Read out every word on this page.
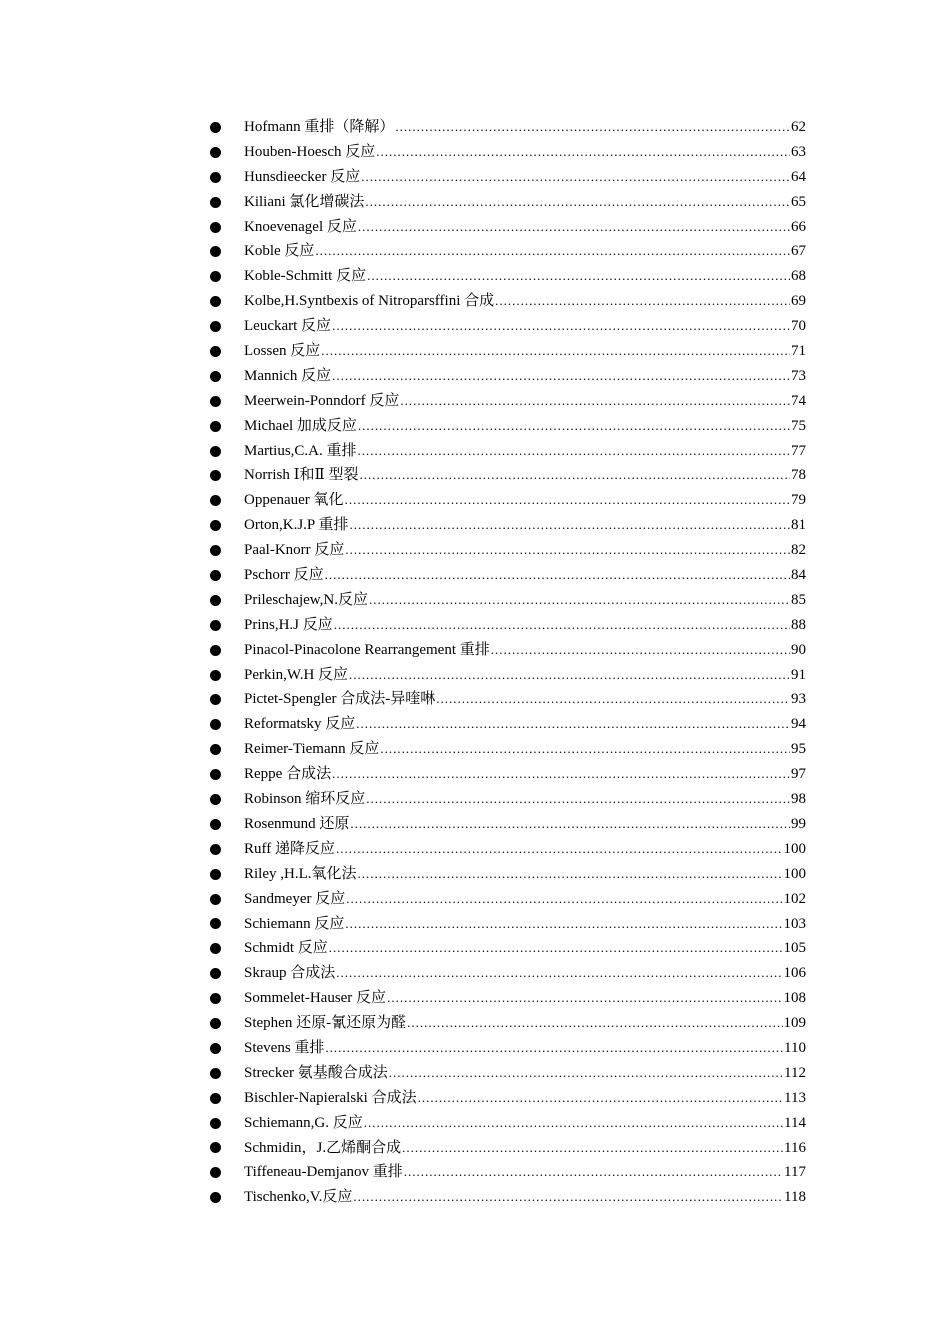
Hofmann 重排（降解） .....	62
Houben-Hoesch 反应 .....	63
Hunsdieecker 反应 .....	64
Kiliani 氯化增碳法 .....	65
Knoevenagel 反应 .....	66
Koble 反应 .....	67
Koble-Schmitt 反应 .....	68
Kolbe,H.Syntbexis of Nitroparsffini 合成 .....	69
Leuckart 反应 .....	70
Lossen 反应 .....	71
Mannich 反应 .....	73
Meerwein-Ponndorf 反应 .....	74
Michael 加成反应 .....	75
Martius,C.A. 重排 .....	77
Norrish Ⅰ和Ⅱ 型裂 .....	78
Oppenauer 氧化 .....	79
Orton,K.J.P 重排 .....	81
Paal-Knorr 反应 .....	82
Pschorr 反应 .....	84
Prileschajew,N.反应 .....	85
Prins,H.J 反应 .....	88
Pinacol-Pinacolone Rearrangement 重排 .....	90
Perkin,W.H 反应 .....	91
Pictet-Spengler 合成法-异喹啉 .....	93
Reformatsky 反应 .....	94
Reimer-Tiemann 反应 .....	95
Reppe 合成法 .....	97
Robinson 缩环反应 .....	98
Rosenmund 还原 .....	99
Ruff 递降反应 .....	100
Riley ,H.L.氧化法 .....	100
Sandmeyer 反应 .....	102
Schiemann 反应 .....	103
Schmidt 反应 .....	105
Skraup 合成法 .....	106
Sommelet-Hauser 反应 .....	108
Stephen 还原-氰还原为醛 .....	109
Stevens 重排 .....	110
Strecker 氨基酸合成法 .....	112
Bischler-Napieralski 合成法 .....	113
Schiemann,G. 反应 .....	114
Schmidin，J.乙烯酮合成 .....	116
Tiffeneau-Demjanov 重排 .....	117
Tischenko,V.反应 .....	118
